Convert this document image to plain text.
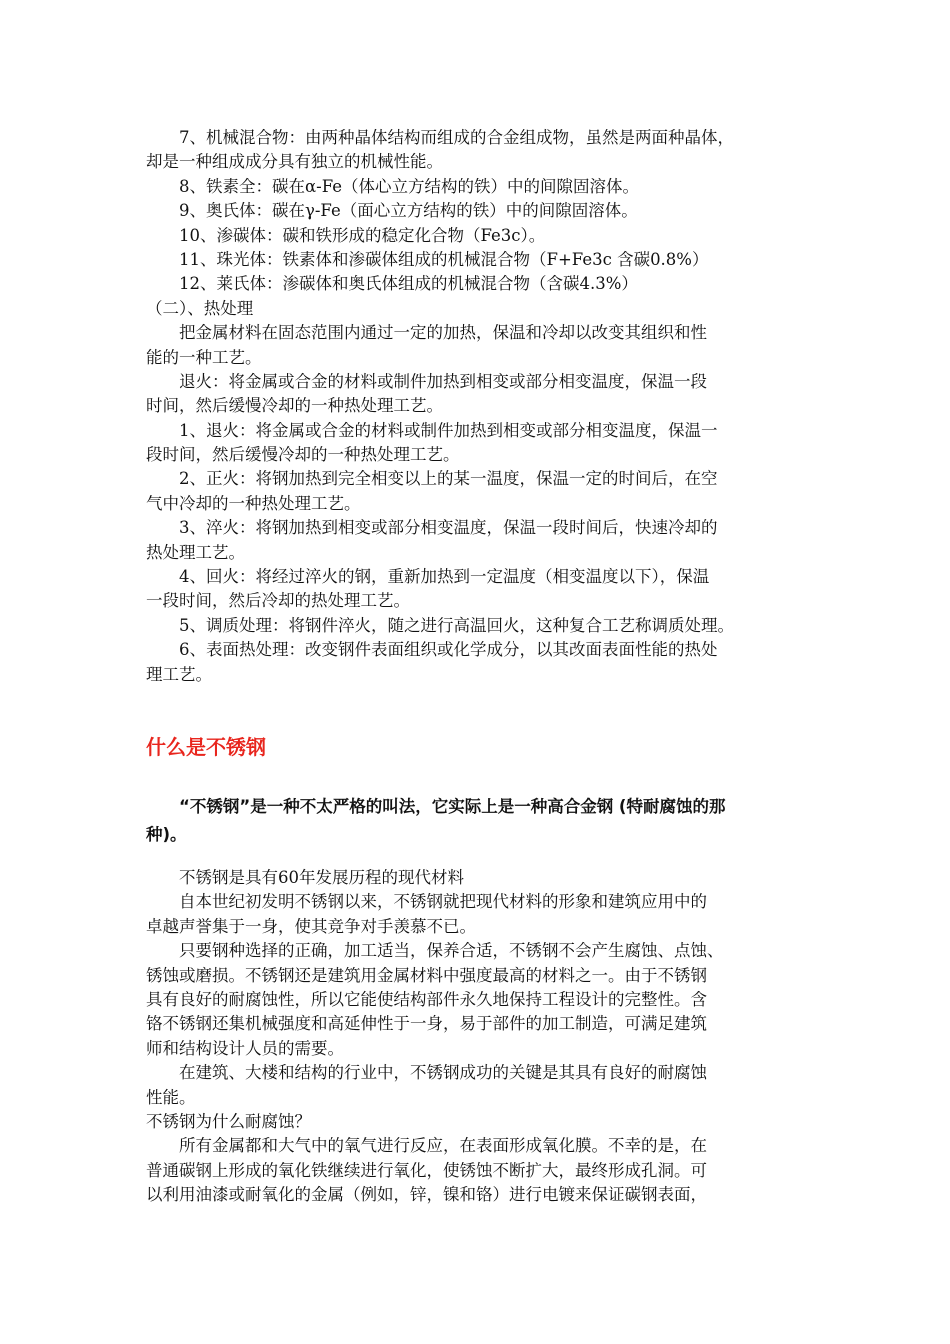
7、机械混合物：由两种晶体结构而组成的合金组成物，虽然是两面种晶体，

却是一种组成成分具有独立的机械性能。

8、铁素全：碳在α-Fe（体心立方结构的铁）中的间隙固溶体。

9、奥氏体：碳在γ-Fe（面心立方结构的铁）中的间隙固溶体。

10、渗碳体：碳和铁形成的稳定化合物（Fe3c）。

11、珠光体：铁素体和渗碳体组成的机械混合物（F+Fe3c 含碳0.8%）

12、莱氏体：渗碳体和奥氏体组成的机械混合物（含碳4.3%）

（二）、热处理

把金属材料在固态范围内通过一定的加热，保温和冷却以改变其组织和性

能的一种工艺。

退火：将金属或合金的材料或制件加热到相变或部分相变温度，保温一段

时间，然后缓慢冷却的一种热处理工艺。

1、退火：将金属或合金的材料或制件加热到相变或部分相变温度，保温一

段时间，然后缓慢冷却的一种热处理工艺。

2、正火：将钢加热到完全相变以上的某一温度，保温一定的时间后，在空

气中冷却的一种热处理工艺。

3、淬火：将钢加热到相变或部分相变温度，保温一段时间后，快速冷却的

热处理工艺。

4、回火：将经过淬火的钢，重新加热到一定温度（相变温度以下），保温

一段时间，然后冷却的热处理工艺。

5、调质处理：将钢件淬火，随之进行高温回火，这种复合工艺称调质处理。

6、表面热处理：改变钢件表面组织或化学成分，以其改面表面性能的热处

理工艺。

什么是不锈钢

“不锈钢”是一种不太严格的叫法，它实际上是一种高合金钢 (特耐腐蚀的那

种)。

不锈钢是具有60年发展历程的现代材料

自本世纪初发明不锈钢以来，不锈钢就把现代材料的形象和建筑应用中的

卓越声誉集于一身，使其竞争对手羡慕不已。

只要钢种选择的正确，加工适当，保养合适，不锈钢不会产生腐蚀、点蚀、

锈蚀或磨损。不锈钢还是建筑用金属材料中强度最高的材料之一。由于不锈钢

具有良好的耐腐蚀性，所以它能使结构部件永久地保持工程设计的完整性。含

铬不锈钢还集机械强度和高延伸性于一身，易于部件的加工制造，可满足建筑

师和结构设计人员的需要。

在建筑、大楼和结构的行业中，不锈钢成功的关键是其具有良好的耐腐蚀

性能。

不锈钢为什么耐腐蚀？

所有金属都和大气中的氧气进行反应，在表面形成氧化膜。不幸的是，在

普通碳钢上形成的氧化铁继续进行氧化，使锈蚀不断扩大，最终形成孔洞。可

以利用油漆或耐氧化的金属（例如，锌，镍和铬）进行电镀来保证碳钢表面，
